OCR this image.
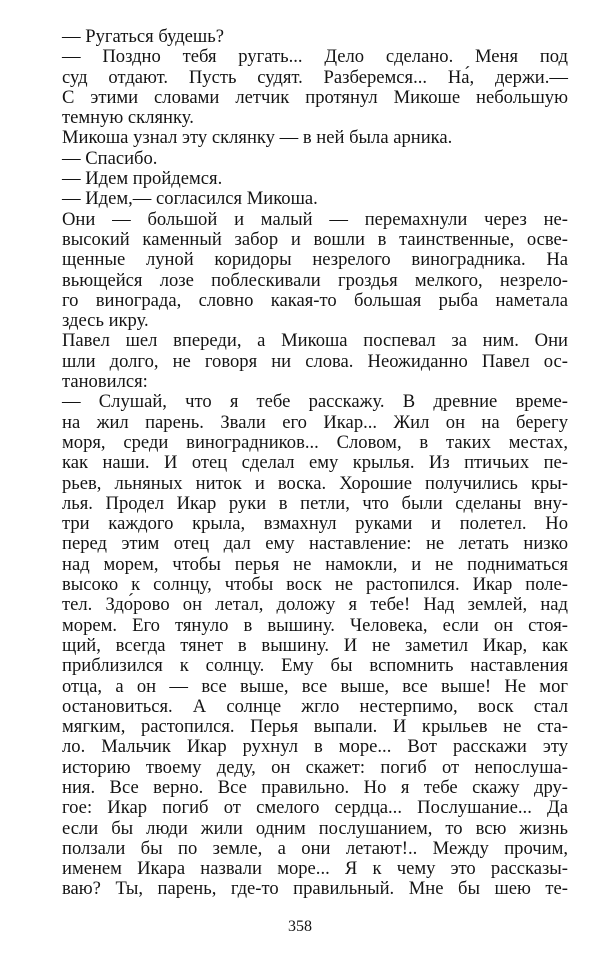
— Ругаться будешь?
— Поздно тебя ругать... Дело сделано. Меня под
суд отдают. Пусть судят. Разберемся... На́, держи.—
С этими словами летчик протянул Микоше небольшую
темную склянку.
Микоша узнал эту склянку — в ней была арника.
— Спасибо.
— Идем пройдемся.
— Идем,— согласился Микоша.
Они — большой и малый — перемахнули через не-
высокий каменный забор и вошли в таинственные, осве-
щенные луной коридоры незрелого виноградника. На
вьющейся лозе поблескивали гроздья мелкого, незрело-
го винограда, словно какая-то большая рыба наметала
здесь икру.
Павел шел впереди, а Микоша поспевал за ним. Они
шли долго, не говоря ни слова. Неожиданно Павел ос-
тановился:
— Слушай, что я тебе расскажу. В древние време-
на жил парень. Звали его Икар... Жил он на берегу
моря, среди виноградников... Словом, в таких местах,
как наши. И отец сделал ему крылья. Из птичьих пе-
рьев, льняных ниток и воска. Хорошие получились кры-
лья. Продел Икар руки в петли, что были сделаны вну-
три каждого крыла, взмахнул руками и полетел. Но
перед этим отец дал ему наставление: не летать низко
над морем, чтобы перья не намокли, и не подниматься
высоко к солнцу, чтобы воск не растопился. Икар поле-
тел. Здо́рово он летал, доложу я тебе! Над землей, над
морем. Его тянуло в вышину. Человека, если он стоя-
щий, всегда тянет в вышину. И не заметил Икар, как
приблизился к солнцу. Ему бы вспомнить наставления
отца, а он — все выше, все выше, все выше! Не мог
остановиться. А солнце жгло нестерпимо, воск стал
мягким, растопился. Перья выпали. И крыльев не ста-
ло. Мальчик Икар рухнул в море... Вот расскажи эту
историю твоему деду, он скажет: погиб от непослуша-
ния. Все верно. Все правильно. Но я тебе скажу дру-
гое: Икар погиб от смелого сердца... Послушание... Да
если бы люди жили одним послушанием, то всю жизнь
ползали бы по земле, а они летают!.. Между прочим,
именем Икара назвали море... Я к чему это рассказы-
ваю? Ты, парень, где-то правильный. Мне бы шею те-
358
